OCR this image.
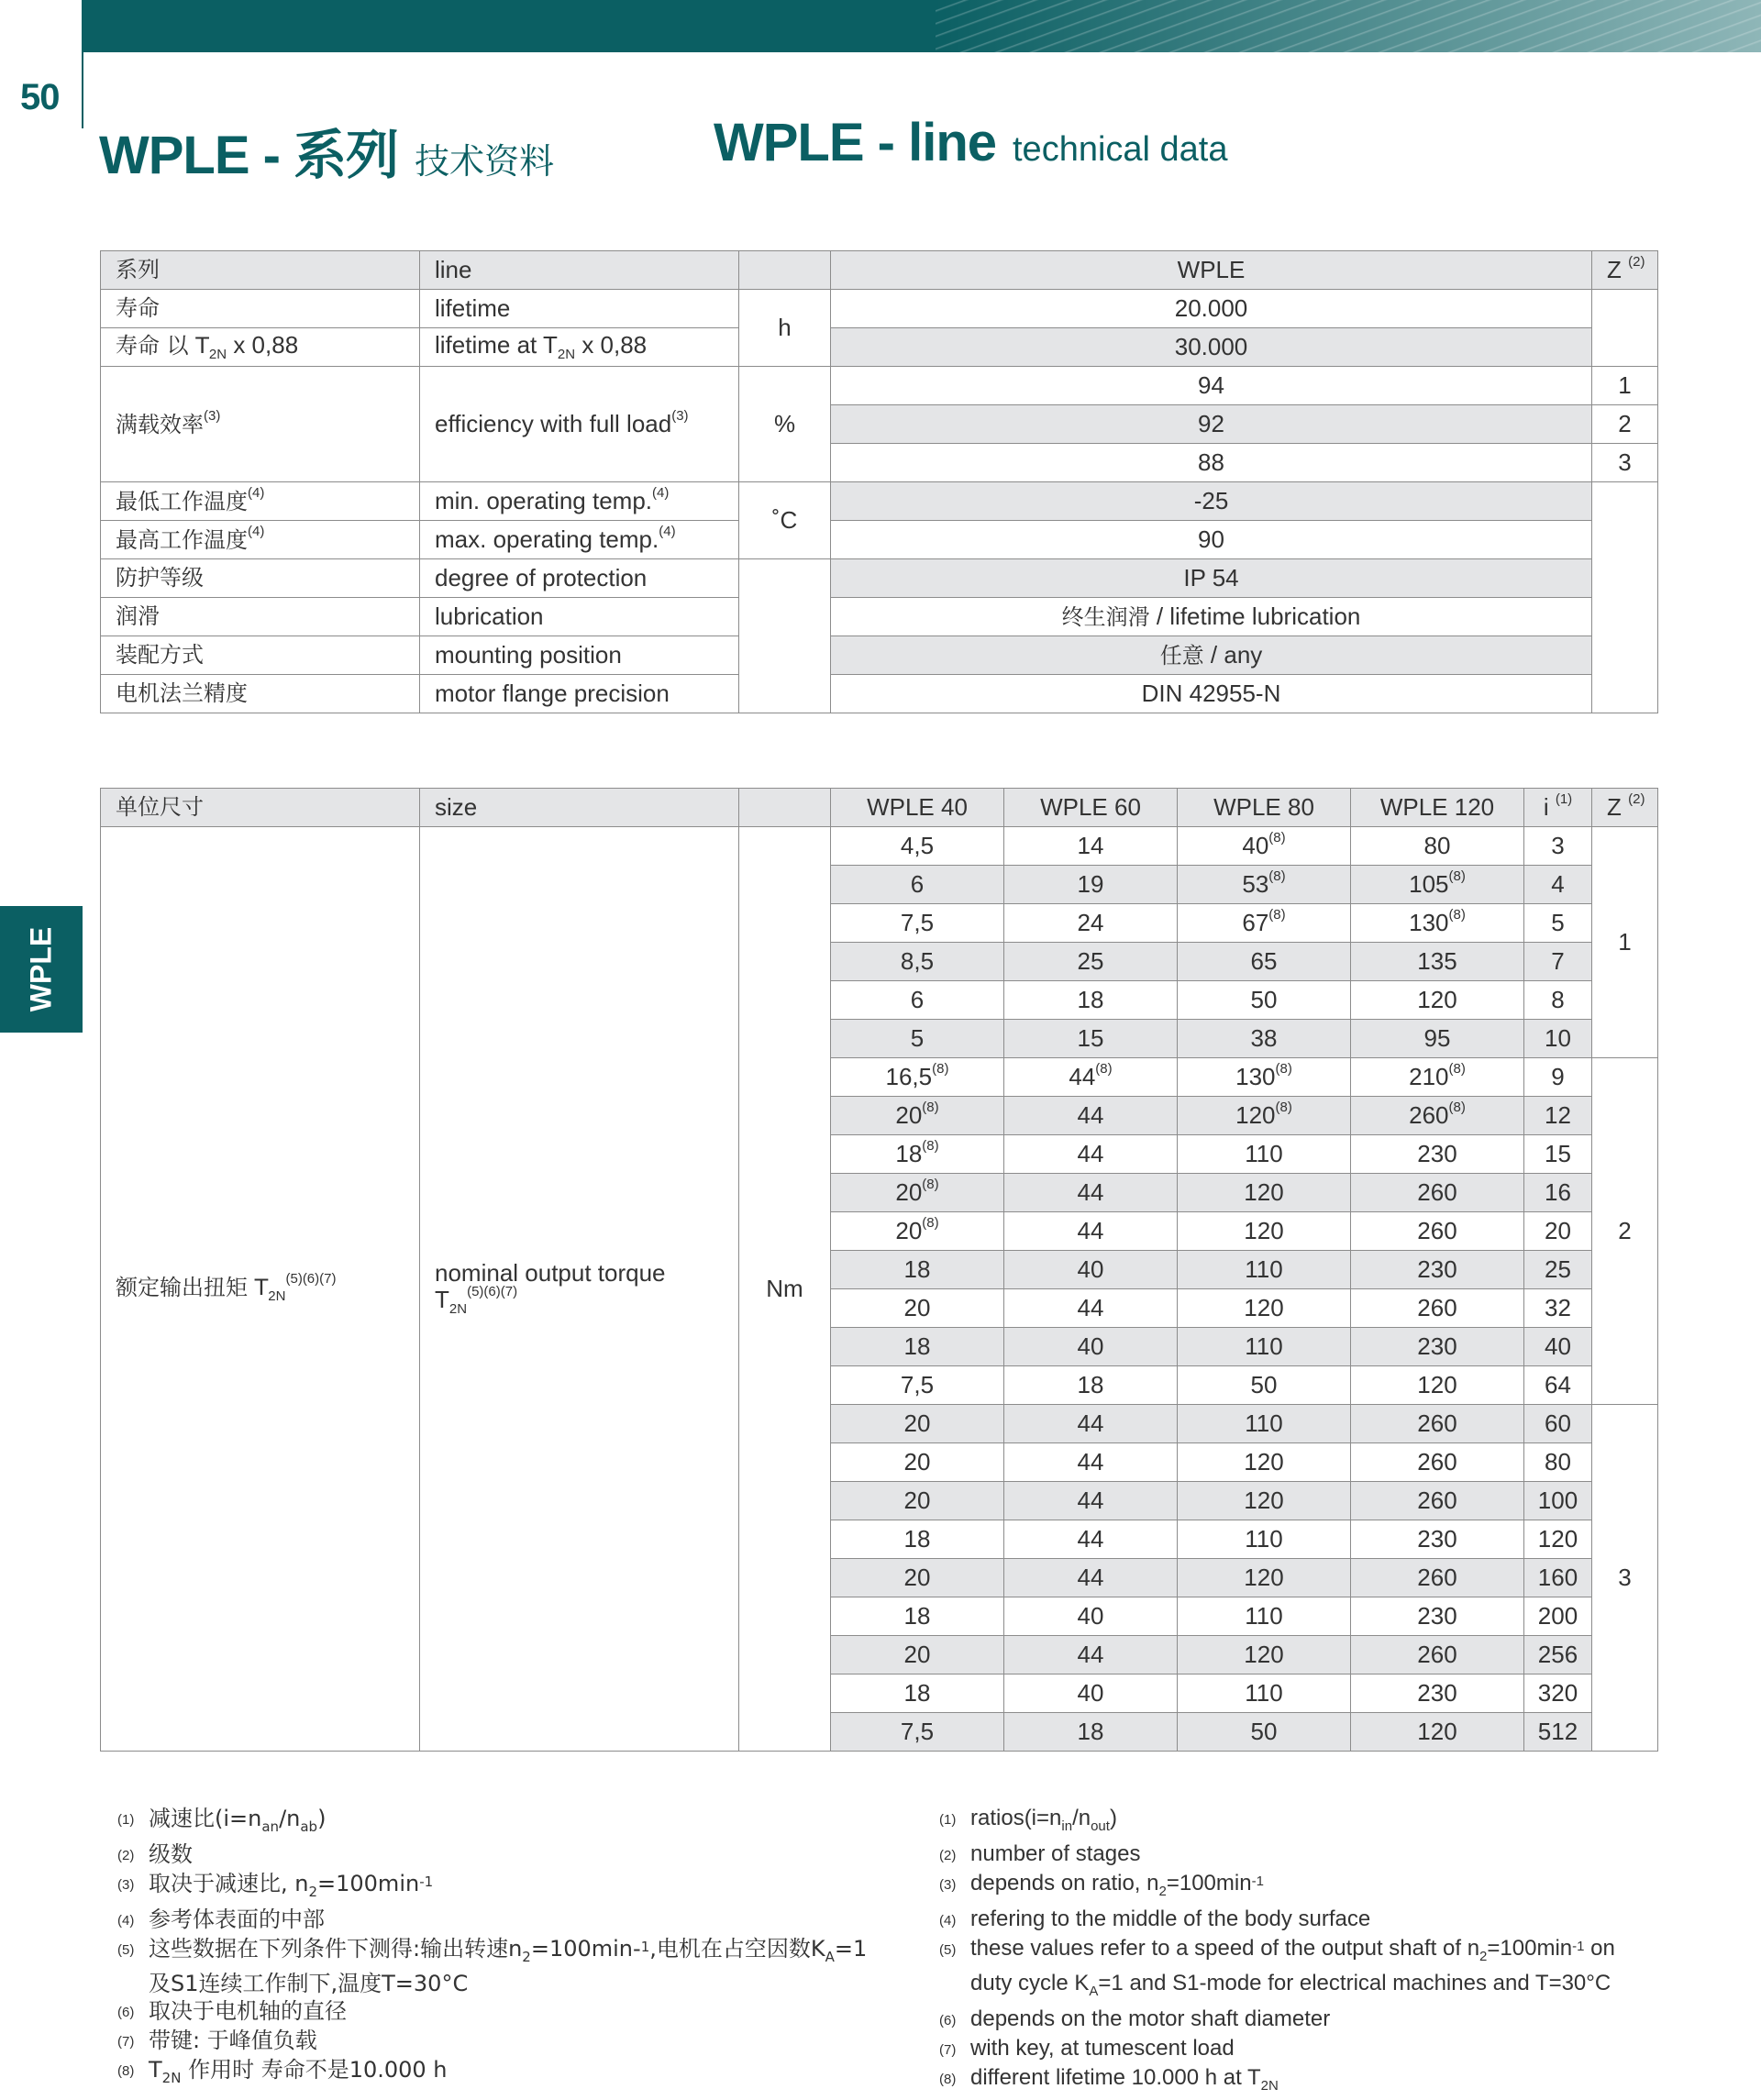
50
WPLE - 系列 技术资料	WPLE - line technical data
WPLE
系列	line		WPLE	Z $^{(2)}$
寿命	lifetime	h	20.000	
寿命 以 $T_{2N}$ x 0,88	lifetime at $T_{2N}$ x 0,88		30.000	
满载效率$^{(3)}$	efficiency with full load$^{(3)}$	%	94	1
			92	2
			88	3
最低工作温度$^{(4)}$	min. operating temp.$^{(4)}$	˚C	-25	
最高工作温度$^{(4)}$	max. operating temp.$^{(4)}$		90	
防护等级	degree of protection		IP 54	
润滑	lubrication		终生润滑 / lifetime lubrication	
装配方式	mounting position		任意 / any	
电机法兰精度	motor flange precision		DIN 42955-N	
单位尺寸	size		WPLE 40	WPLE 60	WPLE 80	WPLE 120	i $^{(1)}$	Z $^{(2)}$
额定输出扭矩 $T_{2N}^{(5)(6)(7)}$	nominal output torque
$T_{2N}^{(5)(6)(7)}$	Nm	4,5	14	40$^{(8)}$	80	3	1
			6	19	53$^{(8)}$	105$^{(8)}$	4	
			7,5	24	67$^{(8)}$	130$^{(8)}$	5	
			8,5	25	65	135	7	
			6	18	50	120	8	
			5	15	38	95	10	
			16,5$^{(8)}$	44$^{(8)}$	130$^{(8)}$	210$^{(8)}$	9	2
			20$^{(8)}$	44	120$^{(8)}$	260$^{(8)}$	12	
			18$^{(8)}$	44	110	230	15	
			20$^{(8)}$	44	120	260	16	
			20$^{(8)}$	44	120	260	20	
			18	40	110	230	25	
			20	44	120	260	32	
			18	40	110	230	40	
			7,5	18	50	120	64	
			20	44	110	260	60	3
			20	44	120	260	80	
			20	44	120	260	100	
			18	44	110	230	120	
			20	44	120	260	160	
			18	40	110	230	200	
			20	44	120	260	256	
			18	40	110	230	320	
			7,5	18	50	120	512	
(1) 减速比$(i=n_{an}/n_{ab})$
(2) 级数
(3) 取决于减速比, $n_2=100\min^{-1}$
(4) 参考体表面的中部
(5) 这些数据在下列条件下测得:输出转速$n_2=100\min-^1$,电机在占空因数$K_A=1$
及S1连续工作制下,温度T=30°C
(6) 取决于电机轴的直径
(7) 带键: 于峰值负载
(8) $T_{2N}$ 作用时 寿命不是10.000 h
(1) $ratios(i=n_{in}/n_{out})$
(2) number of stages
(3) depends on ratio, $n_2=100\min^{-1}$
(4) refering to the middle of the body surface
(5) these values refer to a speed of the output shaft of $n_2=100\min^{-1}$ on
duty cycle $K_A=1$ and S1-mode for electrical machines and T=30°C
(6) depends on the motor shaft diameter
(7) with key, at tumescent load
(8) different lifetime 10.000 h at $T_{2N}$
